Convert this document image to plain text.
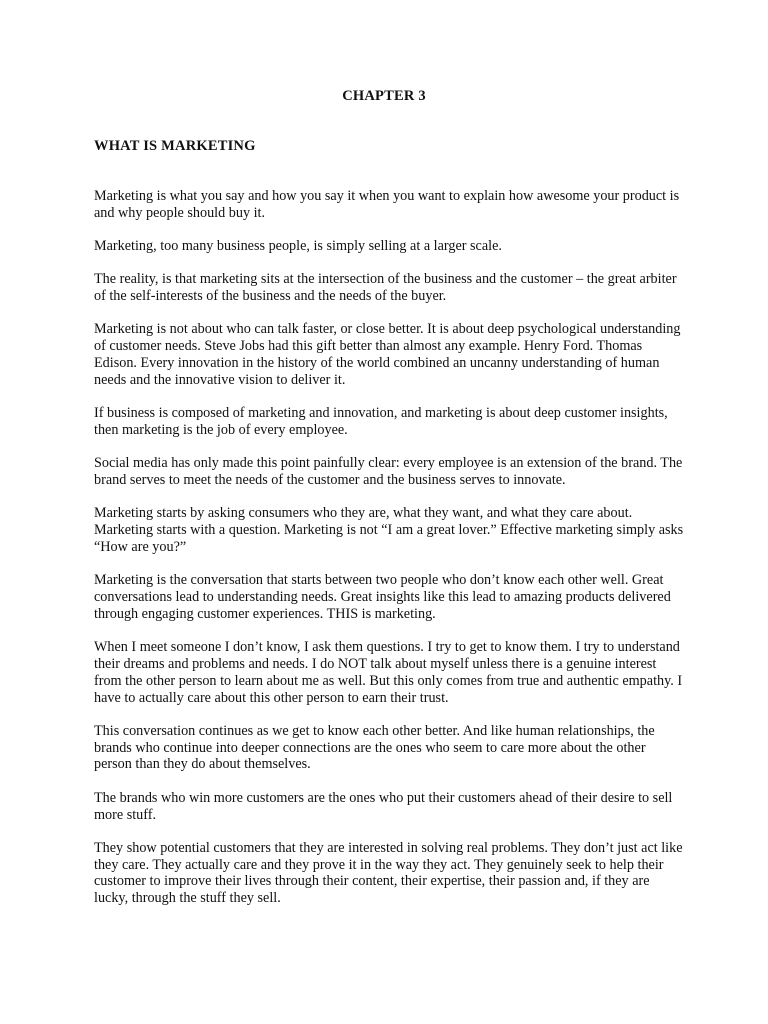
CHAPTER 3
WHAT IS MARKETING

Marketing is what you say and how you say it when you want to explain how awesome your product is and why people should buy it.

Marketing, too many business people, is simply selling at a larger scale.

The reality, is that marketing sits at the intersection of the business and the customer – the great arbiter of the self-interests of the business and the needs of the buyer.

Marketing is not about who can talk faster, or close better. It is about deep psychological understanding of customer needs. Steve Jobs had this gift better than almost any example. Henry Ford. Thomas Edison. Every innovation in the history of the world combined an uncanny understanding of human needs and the innovative vision to deliver it.

If business is composed of marketing and innovation, and marketing is about deep customer insights, then marketing is the job of every employee.

Social media has only made this point painfully clear: every employee is an extension of the brand. The brand serves to meet the needs of the customer and the business serves to innovate.

Marketing starts by asking consumers who they are, what they want, and what they care about. Marketing starts with a question. Marketing is not “I am a great lover.” Effective marketing simply asks “How are you?”

Marketing is the conversation that starts between two people who don’t know each other well. Great conversations lead to understanding needs. Great insights like this lead to amazing products delivered through engaging customer experiences. THIS is marketing.

When I meet someone I don’t know, I ask them questions. I try to get to know them. I try to understand their dreams and problems and needs. I do NOT talk about myself unless there is a genuine interest from the other person to learn about me as well. But this only comes from true and authentic empathy. I have to actually care about this other person to earn their trust.

This conversation continues as we get to know each other better. And like human relationships, the brands who continue into deeper connections are the ones who seem to care more about the other person than they do about themselves.

The brands who win more customers are the ones who put their customers ahead of their desire to sell more stuff.

They show potential customers that they are interested in solving real problems. They don’t just act like they care. They actually care and they prove it in the way they act. They genuinely seek to help their customer to improve their lives through their content, their expertise, their passion and, if they are lucky, through the stuff they sell.
